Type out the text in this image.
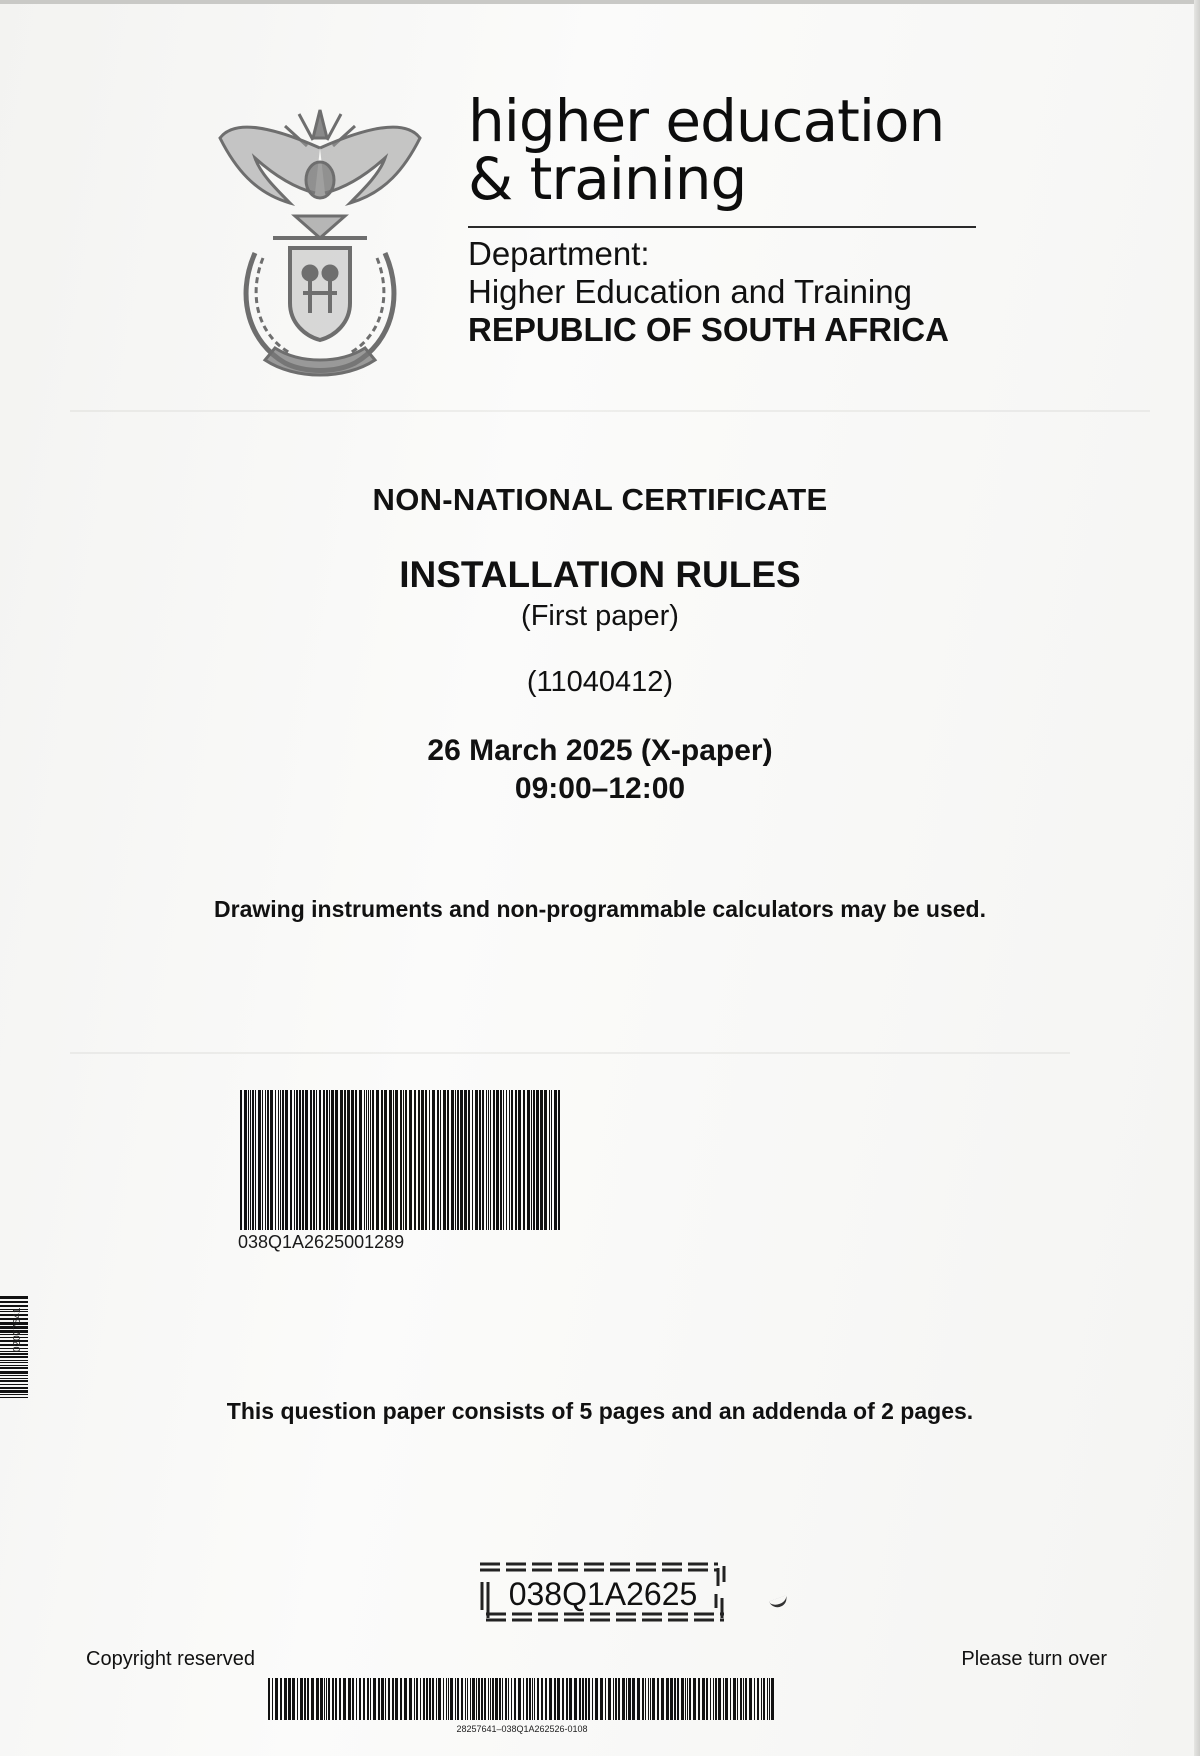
higher education
& training
Department:
Higher Education and Training
REPUBLIC OF SOUTH AFRICA
NON-NATIONAL CERTIFICATE
INSTALLATION RULES
(First paper)
(11040412)
26 March 2025 (X-paper)
09:00–12:00
Drawing instruments and non-programmable calculators may be used.
038Q1A2625001289
02027641
This question paper consists of 5 pages and an addenda of 2 pages.
038Q1A2625
Copyright reserved	Please turn over
28257641–038Q1A262526-0108
